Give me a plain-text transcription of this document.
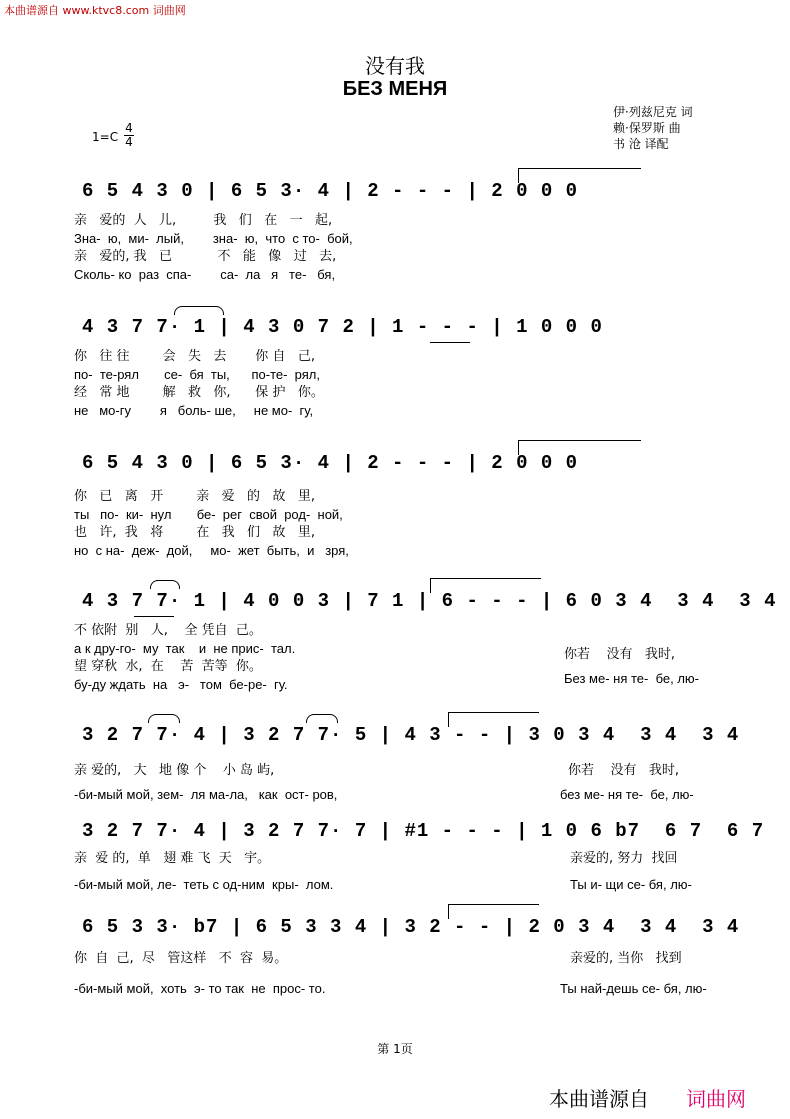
本曲谱源自 www.ktvc8.com 词曲网
没有我
БЕЗ МЕНЯ
伊·列兹尼克 词
赖·保罗斯 曲
书 沧 译配
1=C
4
4
6 5 4 3 0 | 6 5 3· 4 | 2 - - - | 2 0 0 0
亲   爱的  人   儿,         我   们   在   一   起,
Зна-  ю,  ми-  лый,        зна-  ю,  что  с то-  бой,
亲   爱的, 我   已           不   能   像   过   去,
Сколь- ко  раз  спа-        са-  ла   я   те-   бя,
4 3 7 7· 1 | 4 3 0 7 2 | 1 - - - | 1 0 0 0
你   往 往        会   失   去       你 自   己,
по-  те-рял       се-  бя  ты,      по-те-  рял,
经   常 地        解   救   你,      保 护   你。
не   мо-гу        я   боль- ше,     не мо-  гу,
6 5 4 3 0 | 6 5 3· 4 | 2 - - - | 2 0 0 0
你   已   离   开        亲   爱   的   故   里,
ты   по-  ки-  нул       бе-  рег  свой  род-  ной,
也   许,  我   将        在   我   们   故   里,
но  с на-  деж-  дой,     мо-  жет  быть,  и   зря,
4 3 7 7· 1 | 4 0 0 3 | 7 1 | 6 - - - | 6 0 3 4  3 4  3 4
不 依附  别   人,    全 凭自  己。
а к дру-го-  му  так    и  не прис-  тал.
望 穿秋  水,  在    苦  苦等  你。
бу-ду ждать  на   э-   том  бе-ре-  гу.
你若    没有   我时,
Без ме- ня те-  бе, лю-
3 2 7 7· 4 | 3 2 7 7· 5 | 4 3 - - | 3 0 3 4  3 4  3 4
亲 爱的,   大   地 像 个    小 岛 屿,
-би-мый мой, зем-  ля ма-ла,   как  ост- ров,
你若    没有   我时,
без ме- ня те-  бе, лю-
3 2 7 7· 4 | 3 2 7 7· 7 | #1 - - - | 1 0 6 b7  6 7  6 7
亲  爱 的,  单   翅 难 飞  天   宇。
-би-мый мой, ле-  теть с од-ним  кры-  лом.
亲爱的, 努力  找回
Ты и- щи се- бя, лю-
6 5 3 3· b7 | 6 5 3 3 4 | 3 2 - - | 2 0 3 4  3 4  3 4
你  自  己,  尽   管这样   不  容  易。
-би-мый мой,  хоть  э- то так  не  прос- то.
亲爱的, 当你   找到
Ты най-дешь се- бя, лю-
第 1页
本曲谱源自 词曲网
